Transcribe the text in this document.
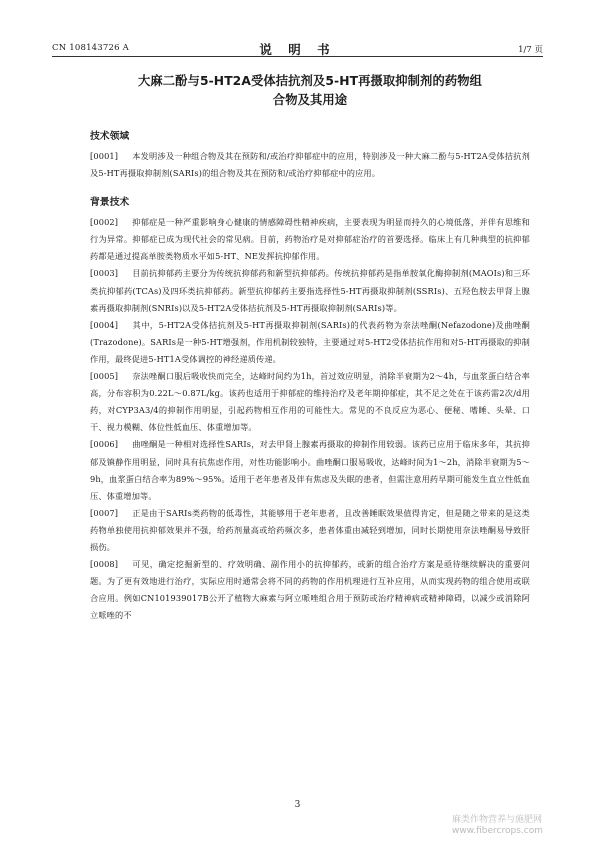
CN 108143726 A	说 明 书	1/7 页
大麻二酚与5-HT2A受体拮抗剂及5-HT再摄取抑制剂的药物组
合物及其用途
技术领域

[0001] 本发明涉及一种组合物及其在预防和/或治疗抑郁症中的应用，特别涉及一种大麻二酚与5-HT2A受体拮抗剂及5-HT再摄取抑制剂(SARIs)的组合物及其在预防和/或治疗抑郁症中的应用。

背景技术

[0002] 抑郁症是一种严重影响身心健康的情感障碍性精神疾病，主要表现为明显而持久的心境低落，并伴有思维和行为异常。抑郁症已成为现代社会的常见病。目前，药物治疗是对抑郁症治疗的首要选择。临床上有几种典型的抗抑郁药都是通过提高单胺类物质水平如5-HT、NE发挥抗抑郁作用。

[0003] 目前抗抑郁药主要分为传统抗抑郁药和新型抗抑郁药。传统抗抑郁药是指单胺氧化酶抑制剂(MAOIs)和三环类抗抑郁药(TCAs)及四环类抗抑郁药。新型抗抑郁药主要指选择性5-HT再摄取抑制剂(SSRIs)、五羟色胺去甲肾上腺素再摄取抑制剂(SNRIs)以及5-HT2A受体拮抗剂及5-HT再摄取抑制剂(SARIs)等。

[0004] 其中，5-HT2A受体拮抗剂及5-HT再摄取抑制剂(SARIs)的代表药物为奈法唑酮(Nefazodone)及曲唑酮(Trazodone)。SARIs是一种5-HT增强剂，作用机制较独特，主要通过对5-HT2受体拮抗作用和对5-HT再摄取的抑制作用，最终促进5-HT1A受体调控的神经递质传递。

[0005] 奈法唑酮口服后吸收快而完全，达峰时间约为1h，首过效应明显，消除半衰期为2～4h，与血浆蛋白结合率高，分布容积为0.22L～0.87L/kg。该药也适用于抑郁症的维持治疗及老年期抑郁症，其不足之处在于该药需2次/d用药，对CYP3A3/4的抑制作用明显，引起药物相互作用的可能性大。常见的不良反应为恶心、便秘、嗜睡、头晕、口干、视力模糊、体位性低血压、体重增加等。

[0006] 曲唑酮是一种相对选择性SARIs，对去甲肾上腺素再摄取的抑制作用较弱。该药已应用于临床多年，其抗抑郁及镇静作用明显，同时具有抗焦虑作用，对性功能影响小。曲唑酮口服易吸收，达峰时间为1～2h，消除半衰期为5～9h，血浆蛋白结合率为89%～95%。适用于老年患者及伴有焦虑及失眠的患者，但需注意用药早期可能发生直立性低血压、体重增加等。

[0007] 正是由于SARIs类药物的低毒性，其能够用于老年患者，且改善睡眠效果值得肯定，但是随之带来的是这类药物单独使用抗抑郁效果并不强，给药剂量高或给药频次多，患者体重由减轻到增加，同时长期使用奈法唑酮易导致肝损伤。

[0008] 可见，确定挖掘新型的、疗效明确、副作用小的抗抑郁药，或新的组合治疗方案是亟待继续解决的重要问题。为了更有效地进行治疗，实际应用时通常会将不同的药物的作用机理进行互补应用，从而实现药物的组合使用或联合应用。例如CN101939017B公开了植物大麻素与阿立哌唑组合用于预防或治疗精神病或精神障碍，以减少或消除阿立哌唑的不

3
麻类作物营养与施肥网
www.fibercrops.com
